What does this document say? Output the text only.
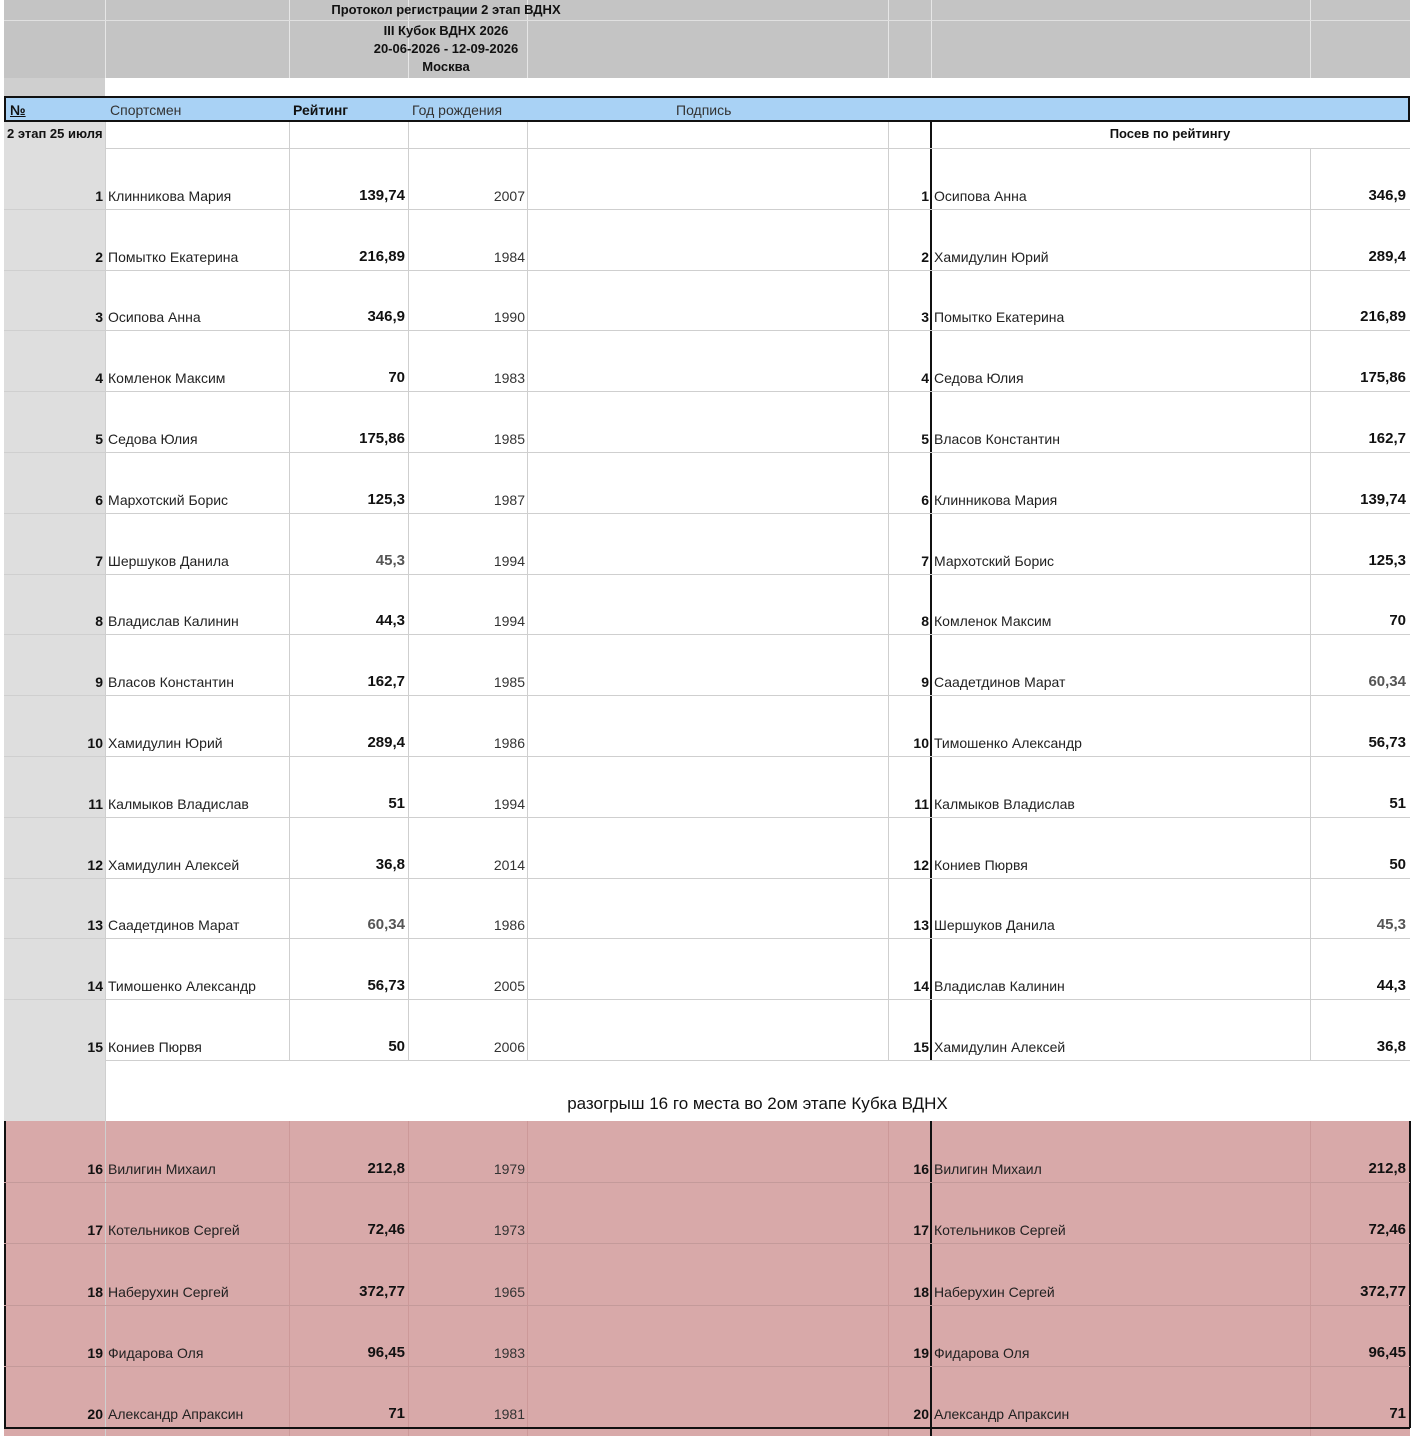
Протокол регистрации 2 этап ВДНХ
III Кубок ВДНХ 2026
20-06-2026 - 12-09-2026
Москва
№	Спортсмен	Рейтинг	Год рождения	Подпись
2 этап 25 июля	Посев по рейтингу
разогрыш 16 го места во 2ом этапе Кубка ВДНХ
1 Клинникова Мария	139,74	2007	1 Осипова Анна	346,9
2 Помытко Екатерина	216,89	1984	2 Хамидулин Юрий	289,4
3 Осипова Анна	346,9	1990	3 Помытко Екатерина	216,89
4 Комленок Максим	70	1983	4 Седова Юлия	175,86
5 Седова Юлия	175,86	1985	5 Власов Константин	162,7
6 Мархотский Борис	125,3	1987	6 Клинникова Мария	139,74
7 Шершуков Данила	45,3	1994	7 Мархотский Борис	125,3
8 Владислав Калинин	44,3	1994	8 Комленок Максим	70
9 Власов Константин	162,7	1985	9 Саадетдинов Марат	60,34
10 Хамидулин Юрий	289,4	1986	10 Тимошенко Александр	56,73
11 Калмыков Владислав	51	1994	11 Калмыков Владислав	51
12 Хамидулин Алексей	36,8	2014	12 Кониев Пюрвя	50
13 Саадетдинов Марат	60,34	1986	13 Шершуков Данила	45,3
14 Тимошенко Александр	56,73	2005	14 Владислав Калинин	44,3
15 Кониев Пюрвя	50	2006	15 Хамидулин Алексей	36,8
16 Вилигин Михаил	212,8	1979	16 Вилигин Михаил	212,8
17 Котельников Сергей	72,46	1973	17 Котельников Сергей	72,46
18 Наберухин Сергей	372,77	1965	18 Наберухин Сергей	372,77
19 Фидарова Оля	96,45	1983	19 Фидарова Оля	96,45
20 Александр Апраксин	71	1981	20 Александр Апраксин	71
